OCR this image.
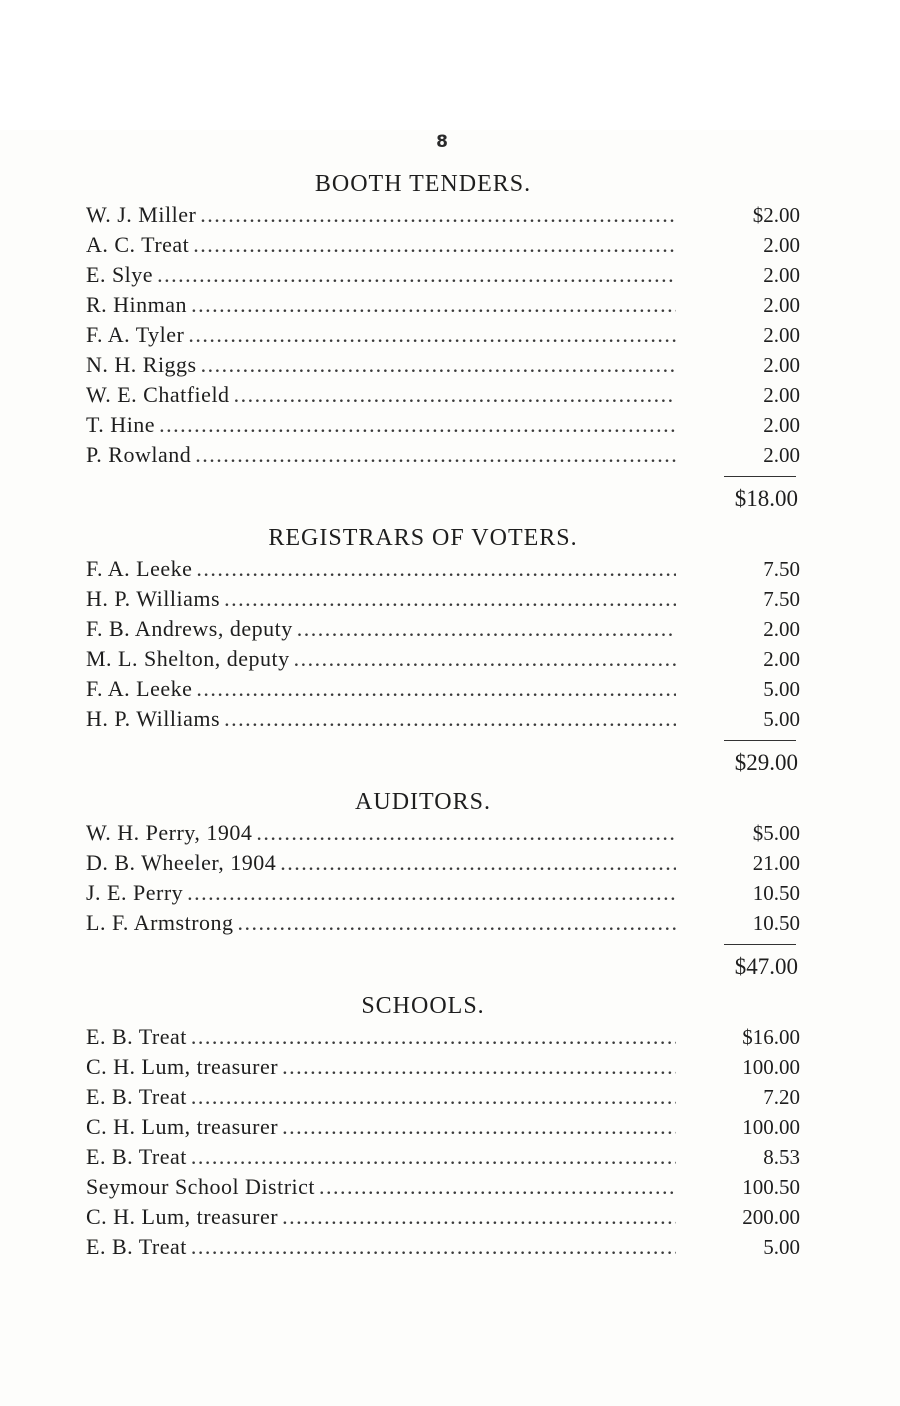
8
BOOTH TENDERS.
W. J. Miller . . .	$2.00
A. C. Treat . . .	2.00
E. Slye . . .	2.00
R. Hinman . . .	2.00
F. A. Tyler . . .	2.00
N. H. Riggs . . .	2.00
W. E. Chatfield . . .	2.00
T. Hine . . .	2.00
P. Rowland . . .	2.00
$18.00
REGISTRARS OF VOTERS.
F. A. Leeke . . .	7.50
H. P. Williams . . .	7.50
F. B. Andrews, deputy . . .	2.00
M. L. Shelton, deputy . . .	2.00
F. A. Leeke . . .	5.00
H. P. Williams . . .	5.00
$29.00
AUDITORS.
W. H. Perry, 1904 . . .	$5.00
D. B. Wheeler, 1904 . . .	21.00
J. E. Perry . . .	10.50
L. F. Armstrong . . .	10.50
$47.00
SCHOOLS.
E. B. Treat . . .	$16.00
C. H. Lum, treasurer . . .	100.00
E. B. Treat . . .	7.20
C. H. Lum, treasurer . . .	100.00
E. B. Treat . . .	8.53
Seymour School District . . .	100.50
C. H. Lum, treasurer . . .	200.00
E. B. Treat . . .	5.00
